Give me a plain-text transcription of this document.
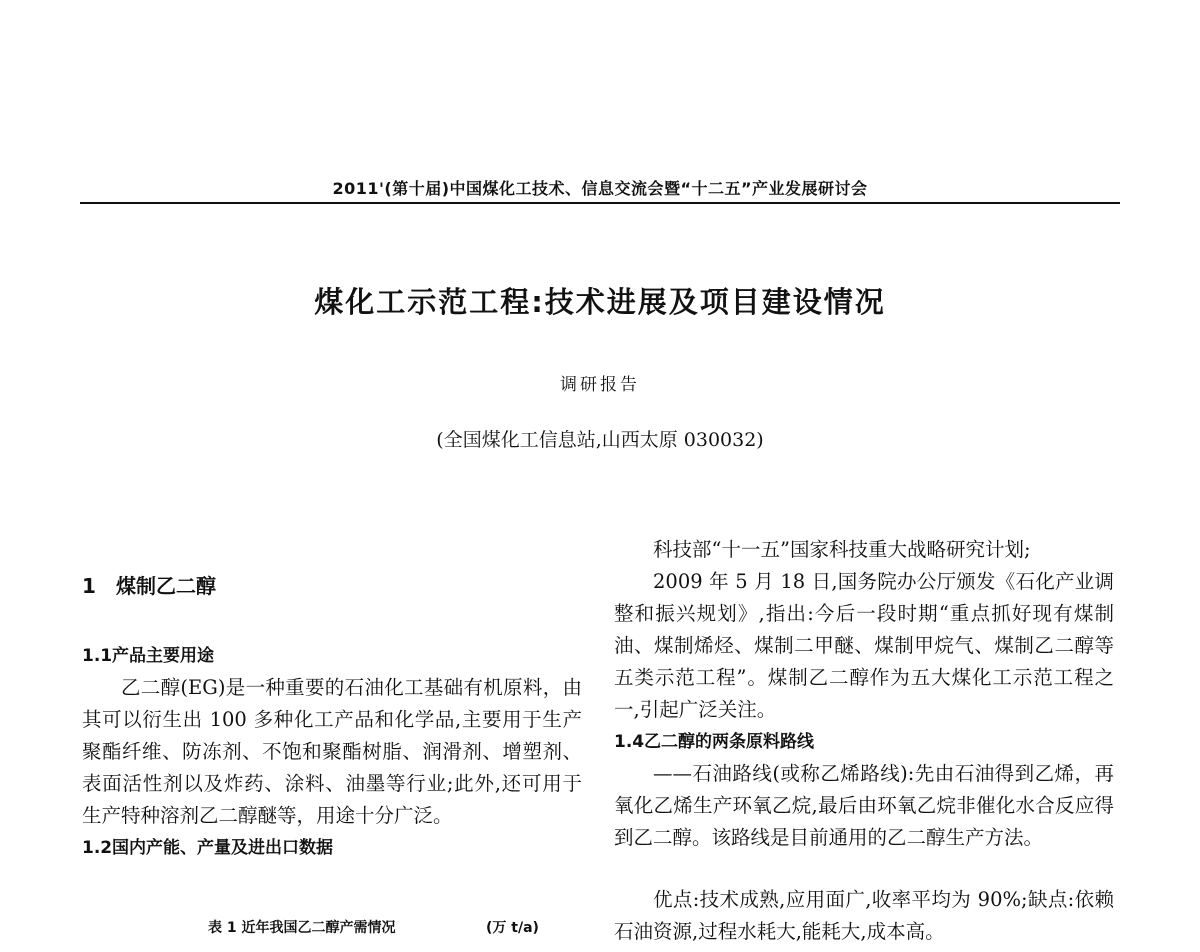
2011'(第十届)中国煤化工技术、信息交流会暨“十二五”产业发展研讨会
煤化工示范工程:技术进展及项目建设情况
调研报告
(全国煤化工信息站,山西太原 030032)
1 煤制乙二醇
1.1产品主要用途

乙二醇(EG)是一种重要的石油化工基础有机原料，由其可以衍生出 100 多种化工产品和化学品,主要用于生产聚酯纤维、防冻剂、不饱和聚酯树脂、润滑剂、增塑剂、表面活性剂以及炸药、涂料、油墨等行业;此外,还可用于生产特种溶剂乙二醇醚等，用途十分广泛。

1.2国内产能、产量及进出口数据
表 1 近年我国乙二醇产需情况	(万 t/a)

科技部“十一五”国家科技重大战略研究计划;

2009 年 5 月 18 日,国务院办公厅颁发《石化产业调整和振兴规划》,指出:今后一段时期“重点抓好现有煤制油、煤制烯烃、煤制二甲醚、煤制甲烷气、煤制乙二醇等五类示范工程”。煤制乙二醇作为五大煤化工示范工程之一,引起广泛关注。

1.4乙二醇的两条原料路线

——石油路线(或称乙烯路线):先由石油得到乙烯，再氧化乙烯生产环氧乙烷,最后由环氧乙烷非催化水合反应得到乙二醇。该路线是目前通用的乙二醇生产方法。

优点:技术成熟,应用面广,收率平均为 90%;缺点:依赖石油资源,过程水耗大,能耗大,成本高。
